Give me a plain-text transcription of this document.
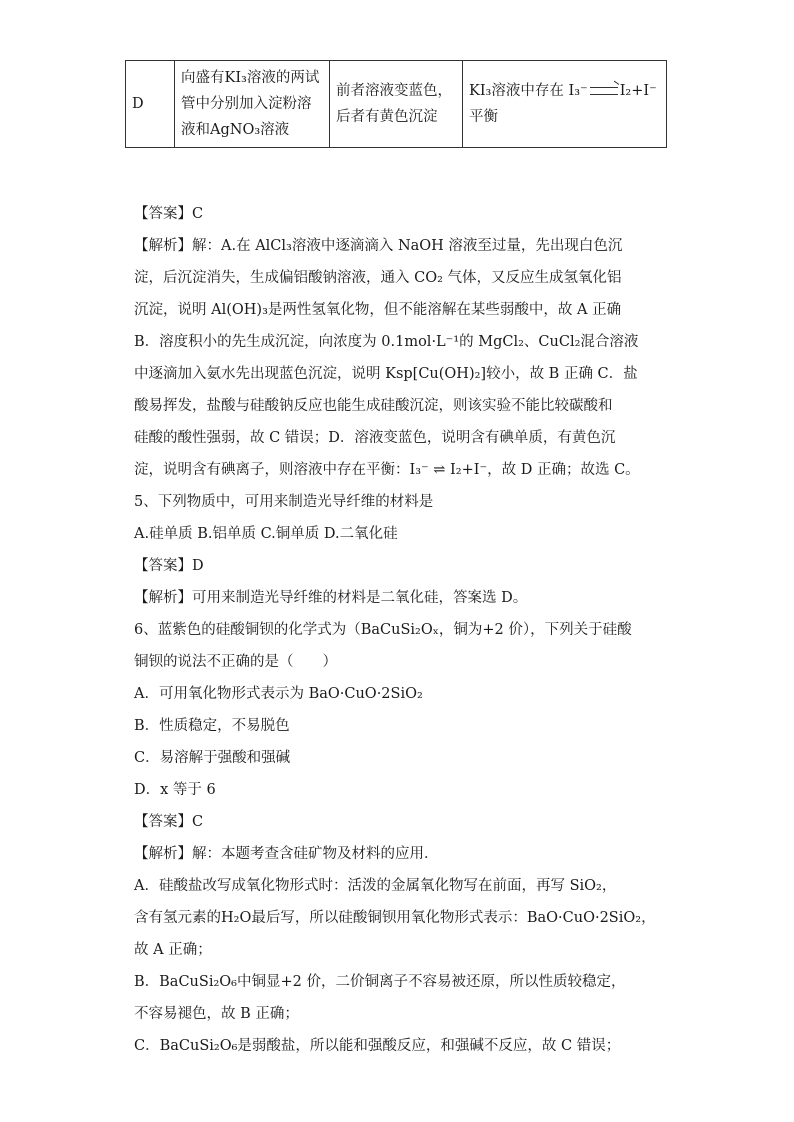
D	向盛有KI₃溶液的两试管中分别加入淀粉溶液和AgNO₃溶液	前者溶液变蓝色，后者有黄色沉淀	KI₃溶液中存在 I₃⁻ I₂+I⁻平衡
【答案】C
【解析】解：A.在 AlCl₃溶液中逐滴滴入 NaOH 溶液至过量，先出现白色沉
淀，后沉淀消失，生成偏铝酸钠溶液，通入 CO₂ 气体，又反应生成氢氧化铝
沉淀，说明 Al(OH)₃是两性氢氧化物，但不能溶解在某些弱酸中，故 A 正确
B．溶度积小的先生成沉淀，向浓度为 0.1mol·L⁻¹的 MgCl₂、CuCl₂混合溶液
中逐滴加入氨水先出现蓝色沉淀，说明 Ksp[Cu(OH)₂]较小，故 B 正确 C．盐
酸易挥发，盐酸与硅酸钠反应也能生成硅酸沉淀，则该实验不能比较碳酸和
硅酸的酸性强弱，故 C 错误；D．溶液变蓝色，说明含有碘单质，有黄色沉
淀，说明含有碘离子，则溶液中存在平衡：I₃⁻ ⇌ I₂+I⁻，故 D 正确；故选 C。
5、下列物质中，可用来制造光导纤维的材料是
A.硅单质 B.铝单质 C.铜单质 D.二氧化硅
【答案】D
【解析】可用来制造光导纤维的材料是二氧化硅，答案选 D。
6、蓝紫色的硅酸铜钡的化学式为（BaCuSi₂Oₓ，铜为+2 价），下列关于硅酸
铜钡的说法不正确的是（　　）
A．可用氧化物形式表示为 BaO·CuO·2SiO₂
B．性质稳定，不易脱色
C．易溶解于强酸和强碱
D．x 等于 6
【答案】C
【解析】解：本题考查含硅矿物及材料的应用．
A．硅酸盐改写成氧化物形式时：活泼的金属氧化物写在前面，再写 SiO₂，
含有氢元素的H₂O最后写，所以硅酸铜钡用氧化物形式表示：BaO·CuO·2SiO₂，
故 A 正确；
B．BaCuSi₂O₆中铜显+2 价，二价铜离子不容易被还原，所以性质较稳定，
不容易褪色，故 B 正确；
C．BaCuSi₂O₆是弱酸盐，所以能和强酸反应，和强碱不反应，故 C 错误；
